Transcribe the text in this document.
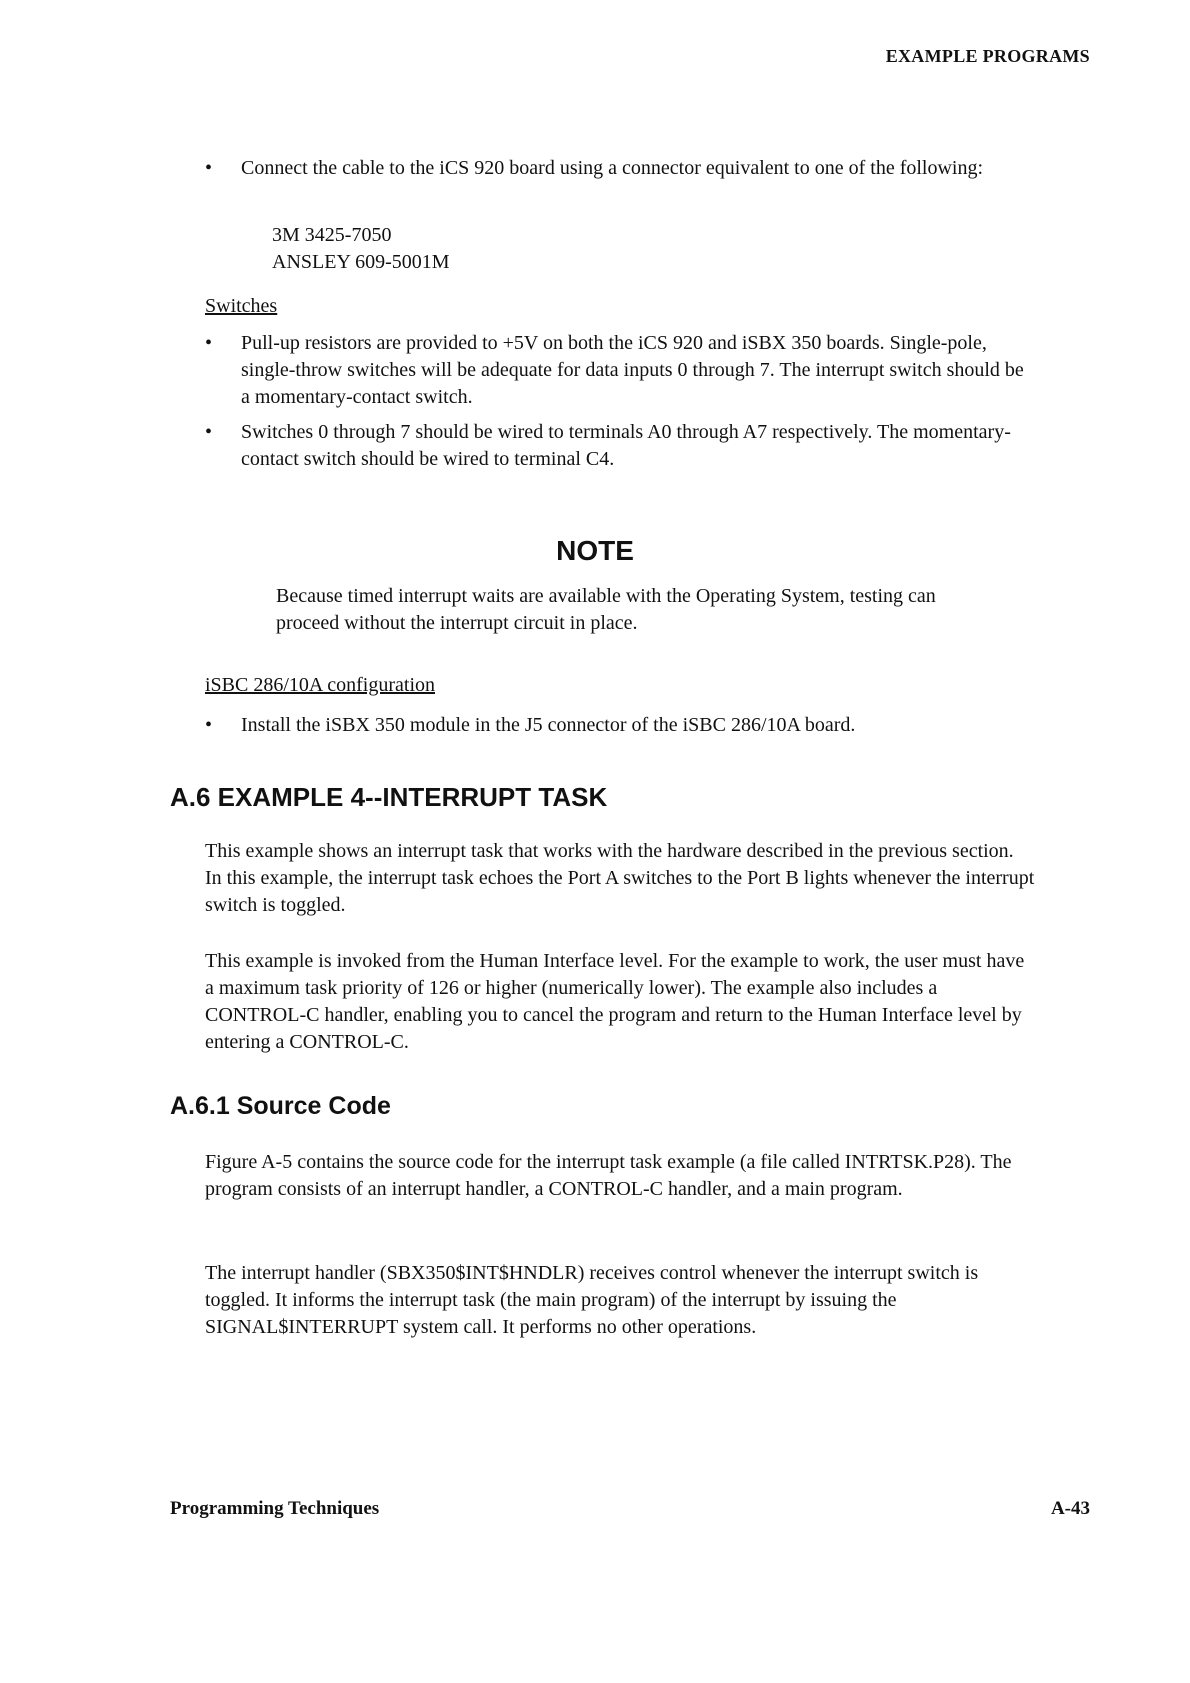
EXAMPLE PROGRAMS
• Connect the cable to the iCS 920 board using a connector equivalent to one of the following:
3M 3425-7050
ANSLEY 609-5001M
Switches
• Pull-up resistors are provided to +5V on both the iCS 920 and iSBX 350 boards. Single-pole, single-throw switches will be adequate for data inputs 0 through 7. The interrupt switch should be a momentary-contact switch.
• Switches 0 through 7 should be wired to terminals A0 through A7 respectively. The momentary-contact switch should be wired to terminal C4.
NOTE
Because timed interrupt waits are available with the Operating System, testing can proceed without the interrupt circuit in place.
iSBC 286/10A configuration
• Install the iSBX 350 module in the J5 connector of the iSBC 286/10A board.
A.6 EXAMPLE 4--INTERRUPT TASK
This example shows an interrupt task that works with the hardware described in the previous section. In this example, the interrupt task echoes the Port A switches to the Port B lights whenever the interrupt switch is toggled.
This example is invoked from the Human Interface level. For the example to work, the user must have a maximum task priority of 126 or higher (numerically lower). The example also includes a CONTROL-C handler, enabling you to cancel the program and return to the Human Interface level by entering a CONTROL-C.
A.6.1 Source Code
Figure A-5 contains the source code for the interrupt task example (a file called INTRTSK.P28). The program consists of an interrupt handler, a CONTROL-C handler, and a main program.
The interrupt handler (SBX350$INT$HNDLR) receives control whenever the interrupt switch is toggled. It informs the interrupt task (the main program) of the interrupt by issuing the SIGNAL$INTERRUPT system call. It performs no other operations.
Programming Techniques	A-43
